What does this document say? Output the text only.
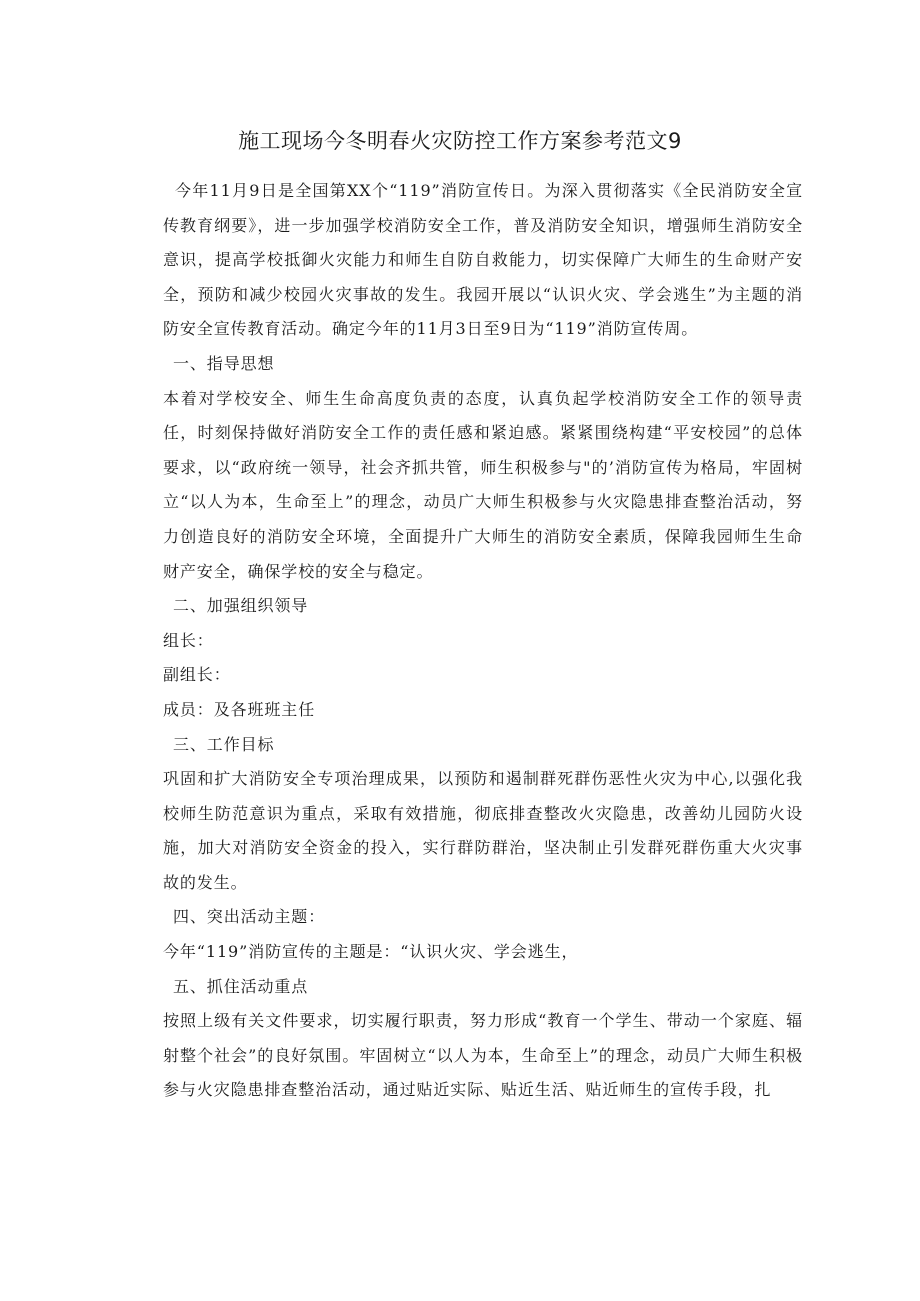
施工现场今冬明春火灾防控工作方案参考范文9

今年11月9日是全国第XX个“119”消防宣传日。为深入贯彻落实《全民消防安全宣传教育纲要》，进一步加强学校消防安全工作，普及消防安全知识，增强师生消防安全意识，提高学校抵御火灾能力和师生自防自救能力，切实保障广大师生的生命财产安全，预防和减少校园火灾事故的发生。我园开展以“认识火灾、学会逃生”为主题的消防安全宣传教育活动。确定今年的11月3日至9日为“119”消防宣传周。

一、指导思想

本着对学校安全、师生生命高度负责的态度，认真负起学校消防安全工作的领导责任，时刻保持做好消防安全工作的责任感和紧迫感。紧紧围绕构建“平安校园”的总体要求，以“政府统一领导，社会齐抓共管，师生积极参与"的’消防宣传为格局，牢固树立“以人为本，生命至上”的理念，动员广大师生积极参与火灾隐患排查整治活动，努力创造良好的消防安全环境，全面提升广大师生的消防安全素质，保障我园师生生命财产安全，确保学校的安全与稳定。

二、加强组织领导

组长：

副组长：

成员：及各班班主任

三、工作目标

巩固和扩大消防安全专项治理成果，以预防和遏制群死群伤恶性火灾为中心,以强化我校师生防范意识为重点，采取有效措施，彻底排查整改火灾隐患，改善幼儿园防火设施，加大对消防安全资金的投入，实行群防群治，坚决制止引发群死群伤重大火灾事故的发生。

四、突出活动主题：

今年“119”消防宣传的主题是：“认识火灾、学会逃生，

五、抓住活动重点

按照上级有关文件要求，切实履行职责，努力形成“教育一个学生、带动一个家庭、辐射整个社会”的良好氛围。牢固树立“以人为本，生命至上”的理念，动员广大师生积极参与火灾隐患排查整治活动，通过贴近实际、贴近生活、贴近师生的宣传手段，扎
